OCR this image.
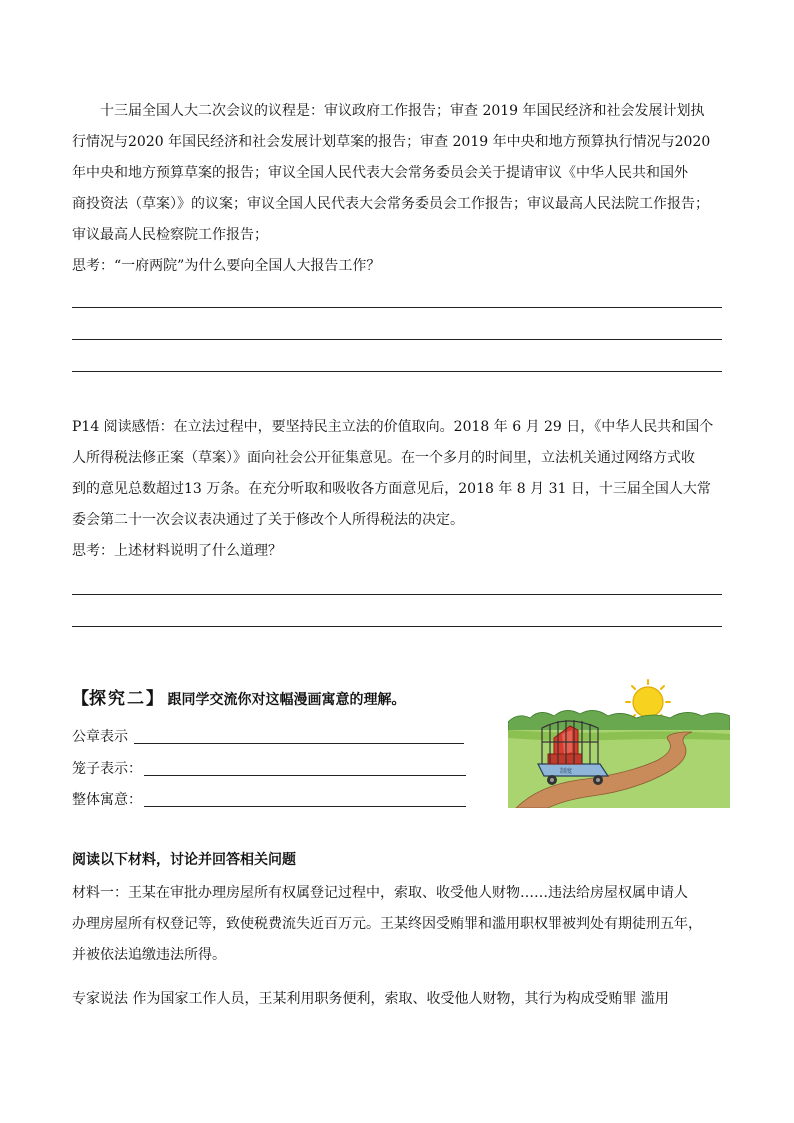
十三届全国人大二次会议的议程是：审议政府工作报告；审查 2019 年国民经济和社会发展计划执

行情况与2020 年国民经济和社会发展计划草案的报告；审查 2019 年中央和地方预算执行情况与2020

年中央和地方预算草案的报告；审议全国人民代表大会常务委员会关于提请审议《中华人民共和国外

商投资法（草案）》的议案；审议全国人民代表大会常务委员会工作报告；审议最高人民法院工作报告；

审议最高人民检察院工作报告；

思考：“一府两院”为什么要向全国人大报告工作？

P14 阅读感悟：在立法过程中，要坚持民主立法的价值取向。2018 年 6 月 29 日，《中华人民共和国个

人所得税法修正案（草案）》面向社会公开征集意见。在一个多月的时间里，立法机关通过网络方式收

到的意见总数超过13 万条。在充分听取和吸收各方面意见后，2018 年 8 月 31 日，十三届全国人大常

委会第二十一次会议表决通过了关于修改个人所得税法的决定。

思考：上述材料说明了什么道理？

【探究二】 跟同学交流你对这幅漫画寓意的理解。
公章表示
笼子表示：
整体寓意：
制度
阅读以下材料，讨论并回答相关问题

材料一：王某在审批办理房屋所有权属登记过程中，索取、收受他人财物……违法给房屋权属申请人

办理房屋所有权登记等，致使税费流失近百万元。王某终因受贿罪和滥用职权罪被判处有期徒刑五年，

并被依法追缴违法所得。

专家说法 作为国家工作人员，王某利用职务便利，索取、收受他人财物，其行为构成受贿罪 滥用
